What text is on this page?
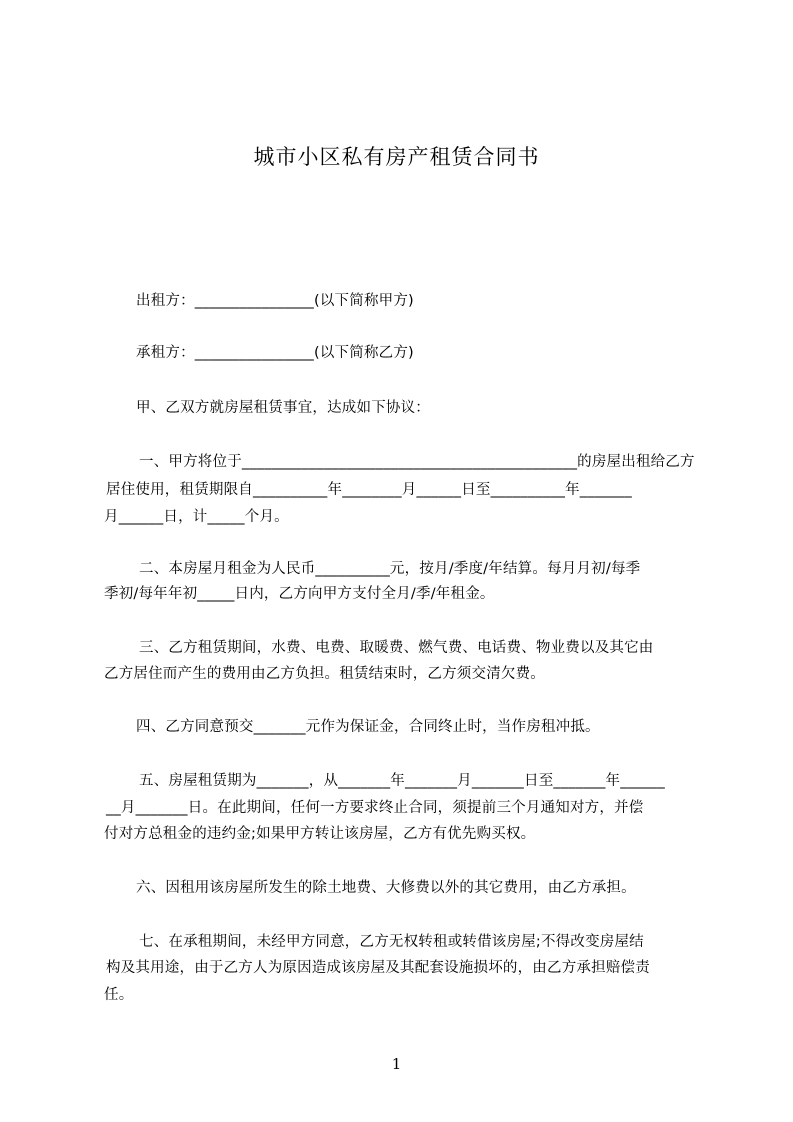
城市小区私有房产租赁合同书
出租方：________________(以下简称甲方)
承租方：________________(以下简称乙方)
甲、乙双方就房屋租赁事宜，达成如下协议：
一、甲方将位于_____________________________________________的房屋出租给乙方
居住使用，租赁期限自__________年________月______日至__________年_______
月______日，计_____个月。
二、本房屋月租金为人民币__________元，按月/季度/年结算。每月月初/每季
季初/每年年初_____日内，乙方向甲方支付全月/季/年租金。
三、乙方租赁期间，水费、电费、取暖费、燃气费、电话费、物业费以及其它由
乙方居住而产生的费用由乙方负担。租赁结束时，乙方须交清欠费。
四、乙方同意预交_______元作为保证金，合同终止时，当作房租冲抵。
五、房屋租赁期为_______，从_______年_______月_______日至_______年______
__月_______日。在此期间，任何一方要求终止合同，须提前三个月通知对方，并偿
付对方总租金的违约金;如果甲方转让该房屋，乙方有优先购买权。
六、因租用该房屋所发生的除土地费、大修费以外的其它费用，由乙方承担。
七、在承租期间，未经甲方同意，乙方无权转租或转借该房屋;不得改变房屋结
构及其用途，由于乙方人为原因造成该房屋及其配套设施损坏的，由乙方承担赔偿责
任。
1
